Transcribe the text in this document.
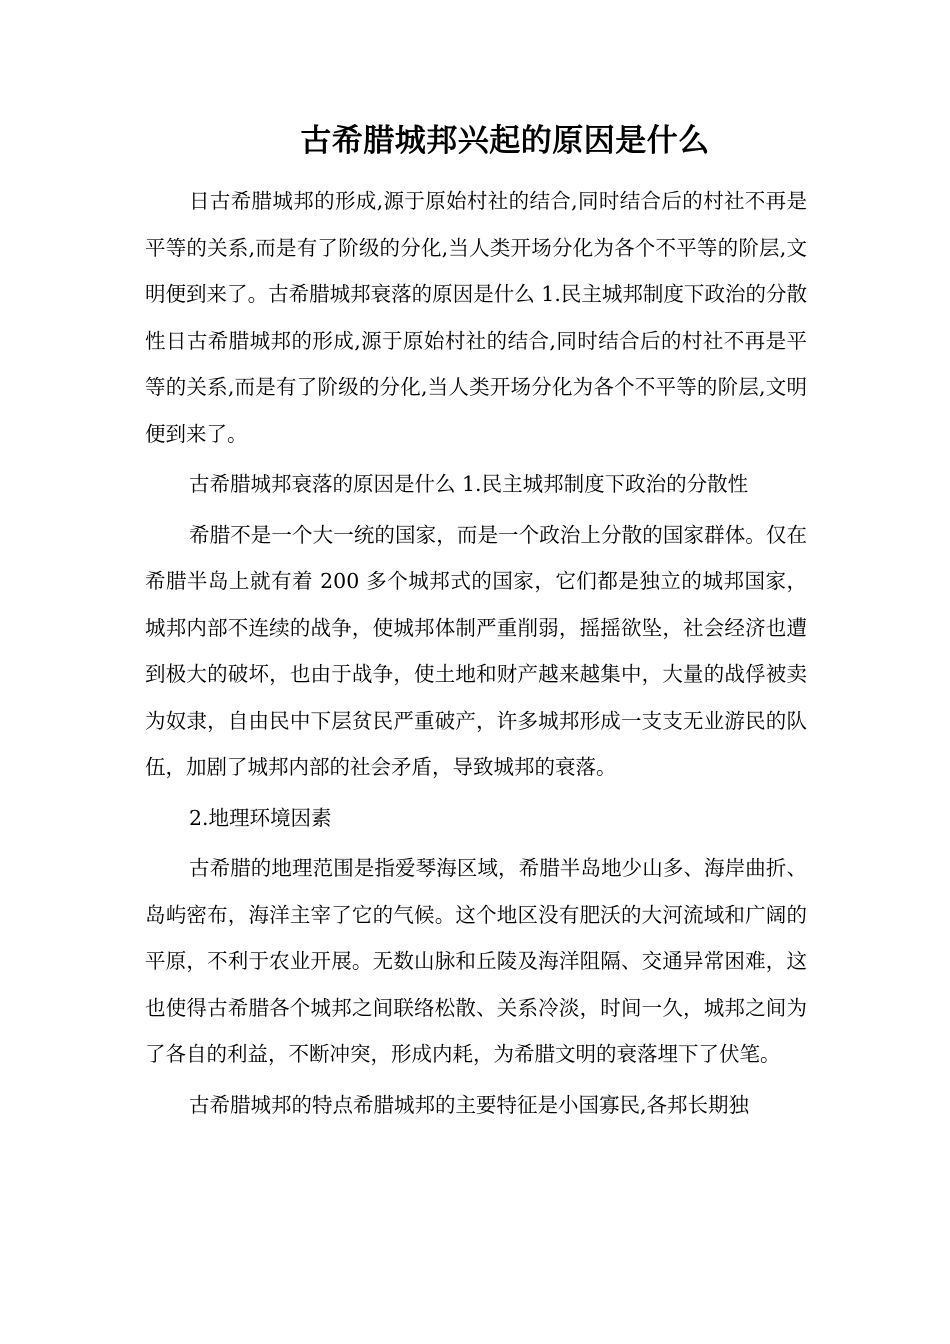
古希腊城邦兴起的原因是什么

日古希腊城邦的形成,源于原始村社的结合,同时结合后的村社不再是平等的关系,而是有了阶级的分化,当人类开场分化为各个不平等的阶层,文明便到来了。古希腊城邦衰落的原因是什么 1.民主城邦制度下政治的分散性日古希腊城邦的形成,源于原始村社的结合,同时结合后的村社不再是平等的关系,而是有了阶级的分化,当人类开场分化为各个不平等的阶层,文明便到来了。

古希腊城邦衰落的原因是什么 1.民主城邦制度下政治的分散性

希腊不是一个大一统的国家，而是一个政治上分散的国家群体。仅在希腊半岛上就有着 200 多个城邦式的国家，它们都是独立的城邦国家，城邦内部不连续的战争，使城邦体制严重削弱，摇摇欲坠，社会经济也遭到极大的破坏，也由于战争，使土地和财产越来越集中，大量的战俘被卖为奴隶，自由民中下层贫民严重破产，许多城邦形成一支支无业游民的队伍，加剧了城邦内部的社会矛盾，导致城邦的衰落。

2.地理环境因素

古希腊的地理范围是指爱琴海区域，希腊半岛地少山多、海岸曲折、岛屿密布，海洋主宰了它的气候。这个地区没有肥沃的大河流域和广阔的平原，不利于农业开展。无数山脉和丘陵及海洋阻隔、交通异常困难，这也使得古希腊各个城邦之间联络松散、关系冷淡，时间一久，城邦之间为了各自的利益，不断冲突，形成内耗，为希腊文明的衰落埋下了伏笔。

古希腊城邦的特点希腊城邦的主要特征是小国寡民,各邦长期独
